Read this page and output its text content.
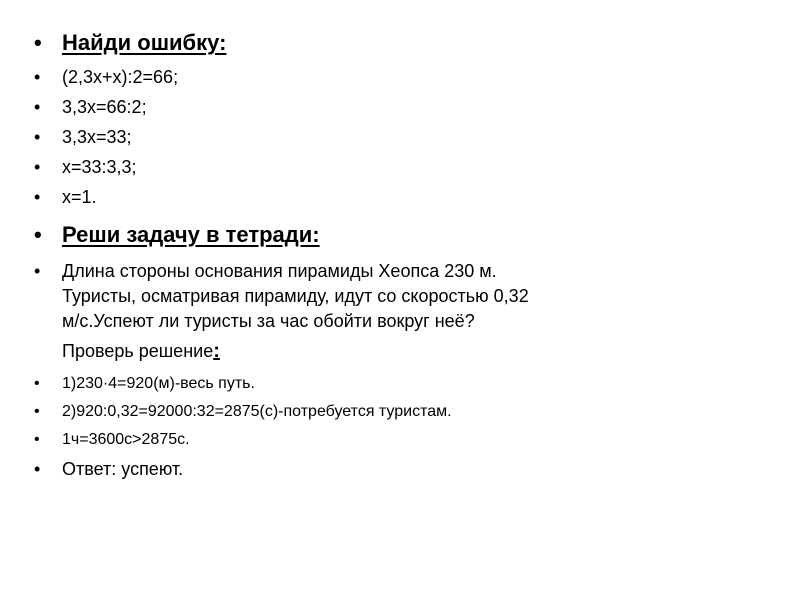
• Найди ошибку:
• (2,3х+х):2=66;
• 3,3х=66:2;
• 3,3х=33;
• х=33:3,3;
• х=1.
• Реши задачу в тетради:
• Длина стороны основания пирамиды Хеопса 230 м.
Туристы, осматривая пирамиду, идут со скоростью 0,32
м/с.Успеют ли туристы за час обойти вокруг неё?
Проверь решение:
• 1)230·4=920(м)-весь путь.
• 2)920:0,32=92000:32=2875(с)-потребуется туристам.
• 1ч=3600с>2875с.
• Ответ: успеют.
